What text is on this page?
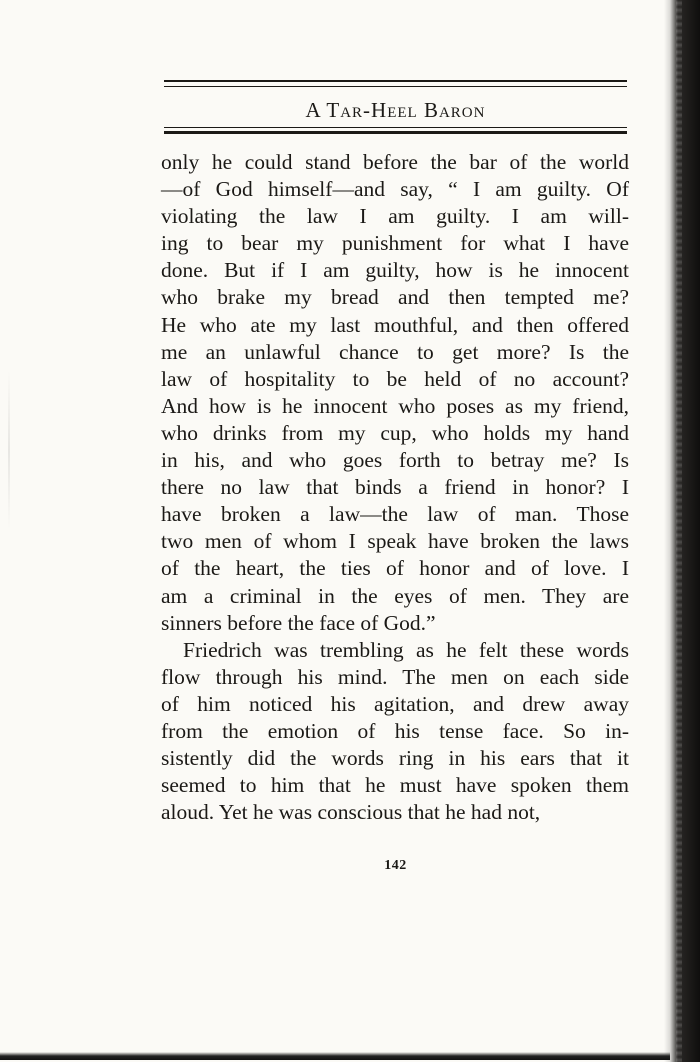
A Tar-Heel Baron
only he could stand before the bar of the world
—of God himself—and say, “ I am guilty. Of
violating the law I am guilty. I am will-
ing to bear my punishment for what I have
done. But if I am guilty, how is he innocent
who brake my bread and then tempted me?
He who ate my last mouthful, and then offered
me an unlawful chance to get more? Is the
law of hospitality to be held of no account?
And how is he innocent who poses as my friend,
who drinks from my cup, who holds my hand
in his, and who goes forth to betray me? Is
there no law that binds a friend in honor? I
have broken a law—the law of man. Those
two men of whom I speak have broken the laws
of the heart, the ties of honor and of love. I
am a criminal in the eyes of men. They are
sinners before the face of God.”
Friedrich was trembling as he felt these words
flow through his mind. The men on each side
of him noticed his agitation, and drew away
from the emotion of his tense face. So in-
sistently did the words ring in his ears that it
seemed to him that he must have spoken them
aloud. Yet he was conscious that he had not,
142
